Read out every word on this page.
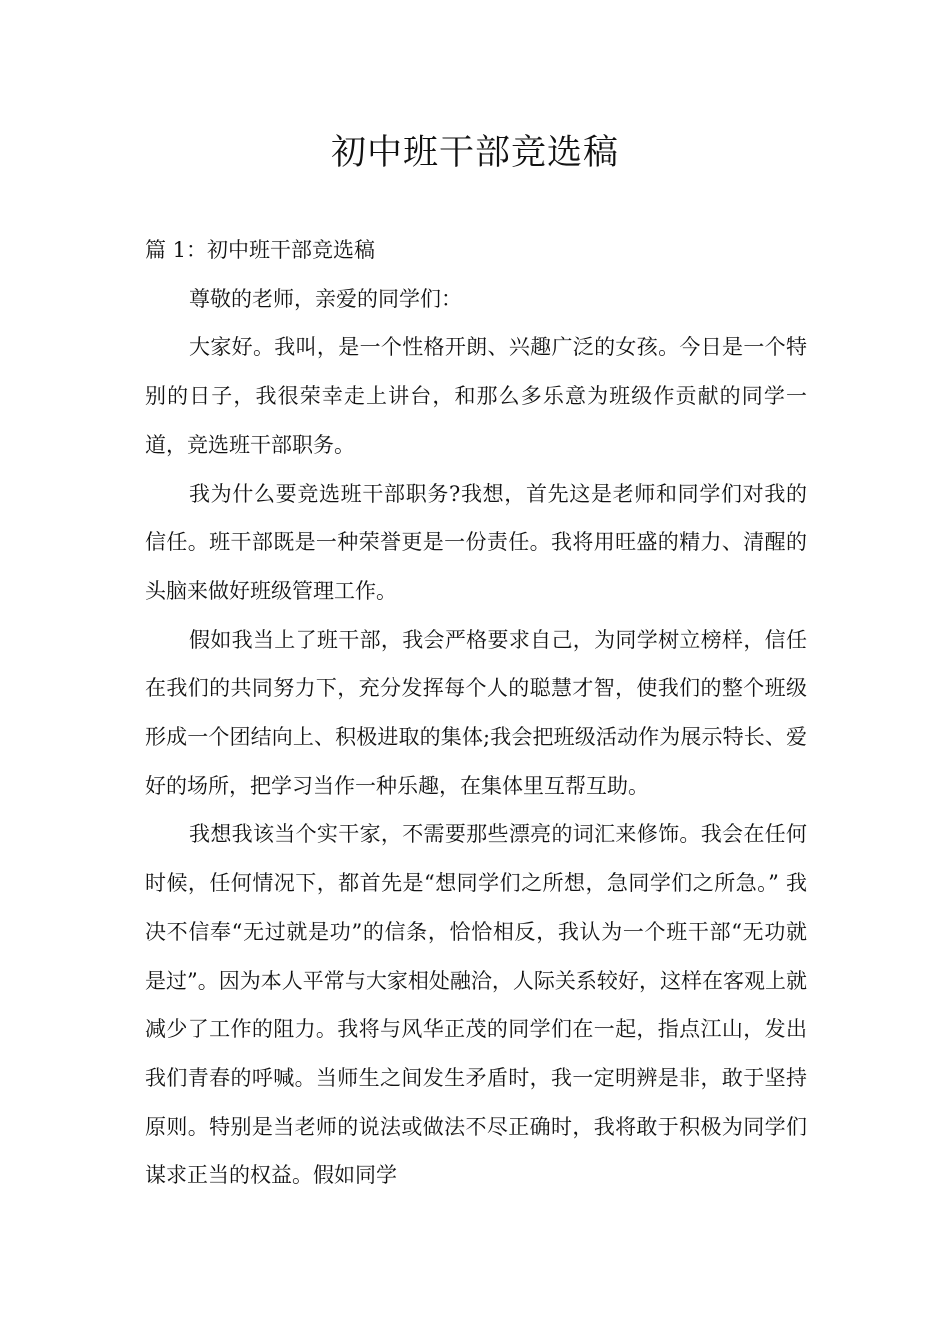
初中班干部竞选稿

篇 1：初中班干部竞选稿

尊敬的老师，亲爱的同学们：

大家好。我叫，是一个性格开朗、兴趣广泛的女孩。今日是一个特别的日子，我很荣幸走上讲台，和那么多乐意为班级作贡献的同学一道，竞选班干部职务。

我为什么要竞选班干部职务?我想，首先这是老师和同学们对我的信任。班干部既是一种荣誉更是一份责任。我将用旺盛的精力、清醒的头脑来做好班级管理工作。

假如我当上了班干部，我会严格要求自己，为同学树立榜样，信任在我们的共同努力下，充分发挥每个人的聪慧才智，使我们的整个班级形成一个团结向上、积极进取的集体;我会把班级活动作为展示特长、爱好的场所，把学习当作一种乐趣，在集体里互帮互助。

我想我该当个实干家，不需要那些漂亮的词汇来修饰。我会在任何时候，任何情况下，都首先是“想同学们之所想，急同学们之所急。” 我决不信奉“无过就是功”的信条，恰恰相反，我认为一个班干部“无功就是过”。因为本人平常与大家相处融洽，人际关系较好，这样在客观上就减少了工作的阻力。我将与风华正茂的同学们在一起，指点江山，发出我们青春的呼喊。当师生之间发生矛盾时，我一定明辨是非，敢于坚持原则。特别是当老师的说法或做法不尽正确时，我将敢于积极为同学们谋求正当的权益。假如同学
